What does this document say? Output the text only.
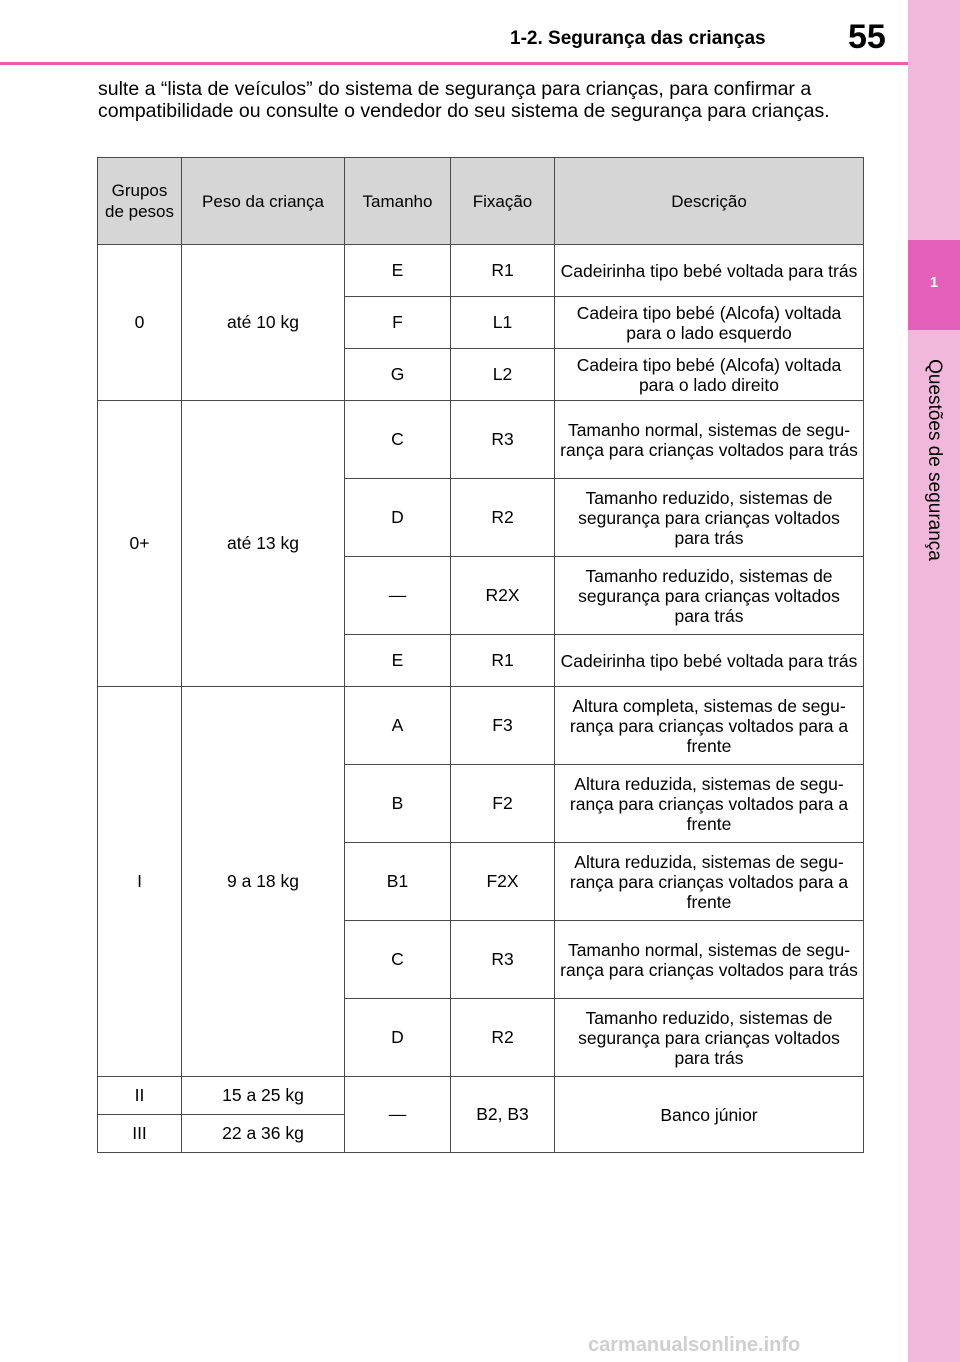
1-2. Segurança das crianças 55
1
Questões de segurança
sulte a “lista de veículos” do sistema de segurança para crianças, para confirmar a compatibilidade ou consulte o vendedor do seu sistema de segurança para crianças.
Grupos de pesos	Peso da criança	Tamanho	Fixação	Descrição
0	até 10 kg	E	R1	Cadeirinha tipo bebé voltada para trás
		F	L1	Cadeira tipo bebé (Alcofa) voltada para o lado esquerdo
		G	L2	Cadeira tipo bebé (Alcofa) voltada para o lado direito
0+	até 13 kg	C	R3	Tamanho normal, sistemas de segu-rança para crianças voltados para trás
		D	R2	Tamanho reduzido, sistemas de segurança para crianças voltados para trás
		—	R2X	Tamanho reduzido, sistemas de segurança para crianças voltados para trás
		E	R1	Cadeirinha tipo bebé voltada para trás
I	9 a 18 kg	A	F3	Altura completa, sistemas de segu-rança para crianças voltados para a frente
		B	F2	Altura reduzida, sistemas de segu-rança para crianças voltados para a frente
		B1	F2X	Altura reduzida, sistemas de segu-rança para crianças voltados para a frente
		C	R3	Tamanho normal, sistemas de segu-rança para crianças voltados para trás
		D	R2	Tamanho reduzido, sistemas de segurança para crianças voltados para trás
II	15 a 25 kg	—	B2, B3	Banco júnior
III	22 a 36 kg			
carmanualsonline.info
